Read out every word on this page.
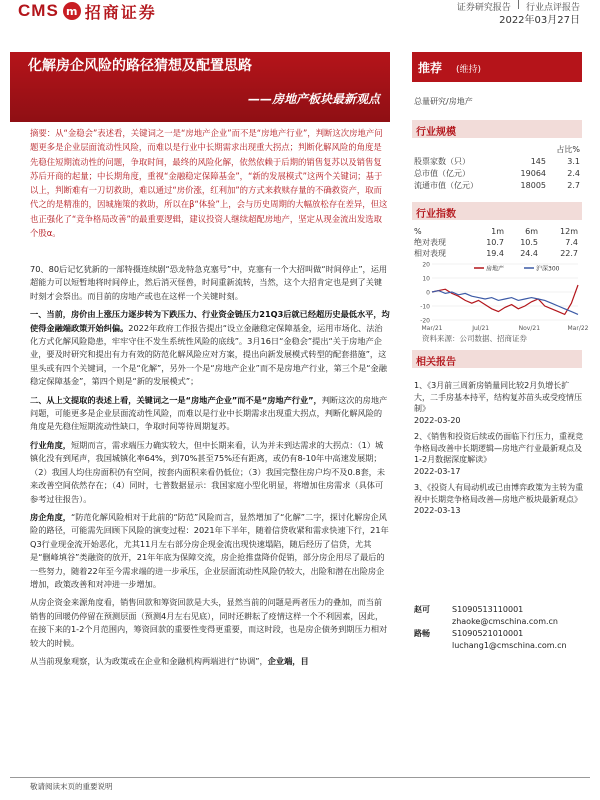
CMS m 招商证券	证券研究报告 | 行业点评报告
2022年03月27日
化解房企风险的路径猜想及配置思路
——房地产板块最新观点
摘要：从“金稳会”表述看，关键词之一是“房地产企业”而不是“房地产行业”，判断这次房地产问题更多是企业层面流动性风险，而难以是行业中长期需求出现重大拐点；判断化解风险的角度是先稳住短期流动性的问题，争取时间，最终的风险化解，依然依赖于后期的销售复苏以及销售复苏后开商的起量；中长期角度，重视“金融稳定保障基金”，“新的发展模式”这两个关键词；基于以上，判断难有一刀切救助，难以通过“房价涨，红利加”的方式来救赎存量的不确救资产，取而代之的是精准的，因城施策的救助，所以在β“体验”上，会与历史周期的大幅放松存在差异，但这也正强化了“竞争格局改善”的最重要逻辑，建议投资人继续超配房地产，坚定从现金流出发选取个股α。

70、80后记忆犹新的一部特摄连续剧“恐龙特急克塞号”中，克塞有一个大招叫做“时间停止”，运用超能力可以短暂地将时间停止，然后消灭怪兽，时间重新流转，当然，这个大招肯定也是到了关键时刻才会祭出。而目前的房地产或也在这样一个关键时刻。

一、当前，房价由上涨压力逐步转为下跌压力、行业资金链压力21Q3后就已经超历史最低水平，均使得金融端政策开始纠偏。2022年政府工作报告提出“设立金融稳定保障基金，运用市场化、法治化方式化解风险隐患，牢牢守住不发生系统性风险的底线”。3月16日“金稳会”提出“关于房地产企业，要及时研究和提出有力有效的防范化解风险应对方案，提出向新发展模式转型的配套措施”，这里头或有四个关键词，一个是“化解”，另外一个是“房地产企业”而不是房地产行业，第三个是“金融稳定保障基金”，第四个则是“新的发展模式”；

二、从上文提取的表述上看，关键词之一是“房地产企业”而不是“房地产行业”，判断这次的房地产问题，可能更多是企业层面流动性风险，而难以是行业中长期需求出现重大拐点，判断化解风险的角度是先稳住短期流动性缺口，争取时间等待周期复苏。

行业角度，短期而言，需求端压力确实较大，但中长期来看，认为并未到达需求的大拐点：（1）城镇化没有到尾声，我国城镇化率64%，到70%甚至75%还有距离，或仍有8-10年中高速发展期；（2）我国人均住房面积仍有空间，按套内面积来看仍低位；（3）我国完整住房户均不及0.8套，未来改善空间依然存在；（4）同时，七普数据显示：我国家庭小型化明显，将增加住房需求（具体可参考过往报告）。

房企角度，“防范化解风险相对于此前的“防范”风险而言，显然增加了“化解”二字，探讨化解房企风险的路径，可能需先回顾下风险的演变过程：2021年下半年，随着信贷收紧和需求快速下行，21年Q3行业现金流开始恶化，尤其11月左右部分房企现金流出现快速塌陷，随后经历了信贷，尤其是“删峰填谷”类融资的放开，21年年底为保障交流，房企抢推盘降价促销，部分房企用尽了最后的一些努力，随着22年至今需求端的进一步承压，企业层面流动性风险仍较大，出险和潜在出险房企增加，政策改善和对冲进一步增加。

从房企资金来源角度看，销售回款和筹资回款是大头，显然当前的问题是两者压力的叠加，而当前销售的回暖仍停留在预测层面（预测4月左右见底），同时还耕耘了疫情这样一个不利因素，因此，在接下来的1-2个月范围内，筹资回款的重要性变得更重要，而这时段，也是房企债务到期压力相对较大的时候。

从当前现象观察，认为政策或在企业和金融机构两端进行“协调”，企业端，目

推荐 (维持)
总量研究/房地产
行业规模
占比%
股票家数（只）	145	3.1
总市值（亿元）	19064	2.4
流通市值（亿元）	18005	2.7
行业指数
%	1m	6m	12m
绝对表现	10.7	10.5	7.4
相对表现	19.4	24.4	22.7
20
10
0
-10
-20
Mar/21	Jul/21	Nov/21	Mar/22
房地产	沪深300
资料来源：公司数据、招商证券
相关报告
1、《3月前三周新房销量同比较2月负增长扩大，二手房基本持平，结构复苏苗头或受疫情压制》
2022-03-20
2、《销售和投资后续或仍面临下行压力，重视竞争格局改善中长期逻辑—房地产行业最新观点及1-2月数据深度解读》
2022-03-17
3、《投资人有局动机或已由博弈政策为主转为重视中长期竞争格局改善—房地产板块最新观点》
2022-03-13
赵可	S1090513110001
zhaoke@cmschina.com.cn
路畅	S1090521010001
luchang1@cmschina.com.cn
敬请阅读末页的重要说明
